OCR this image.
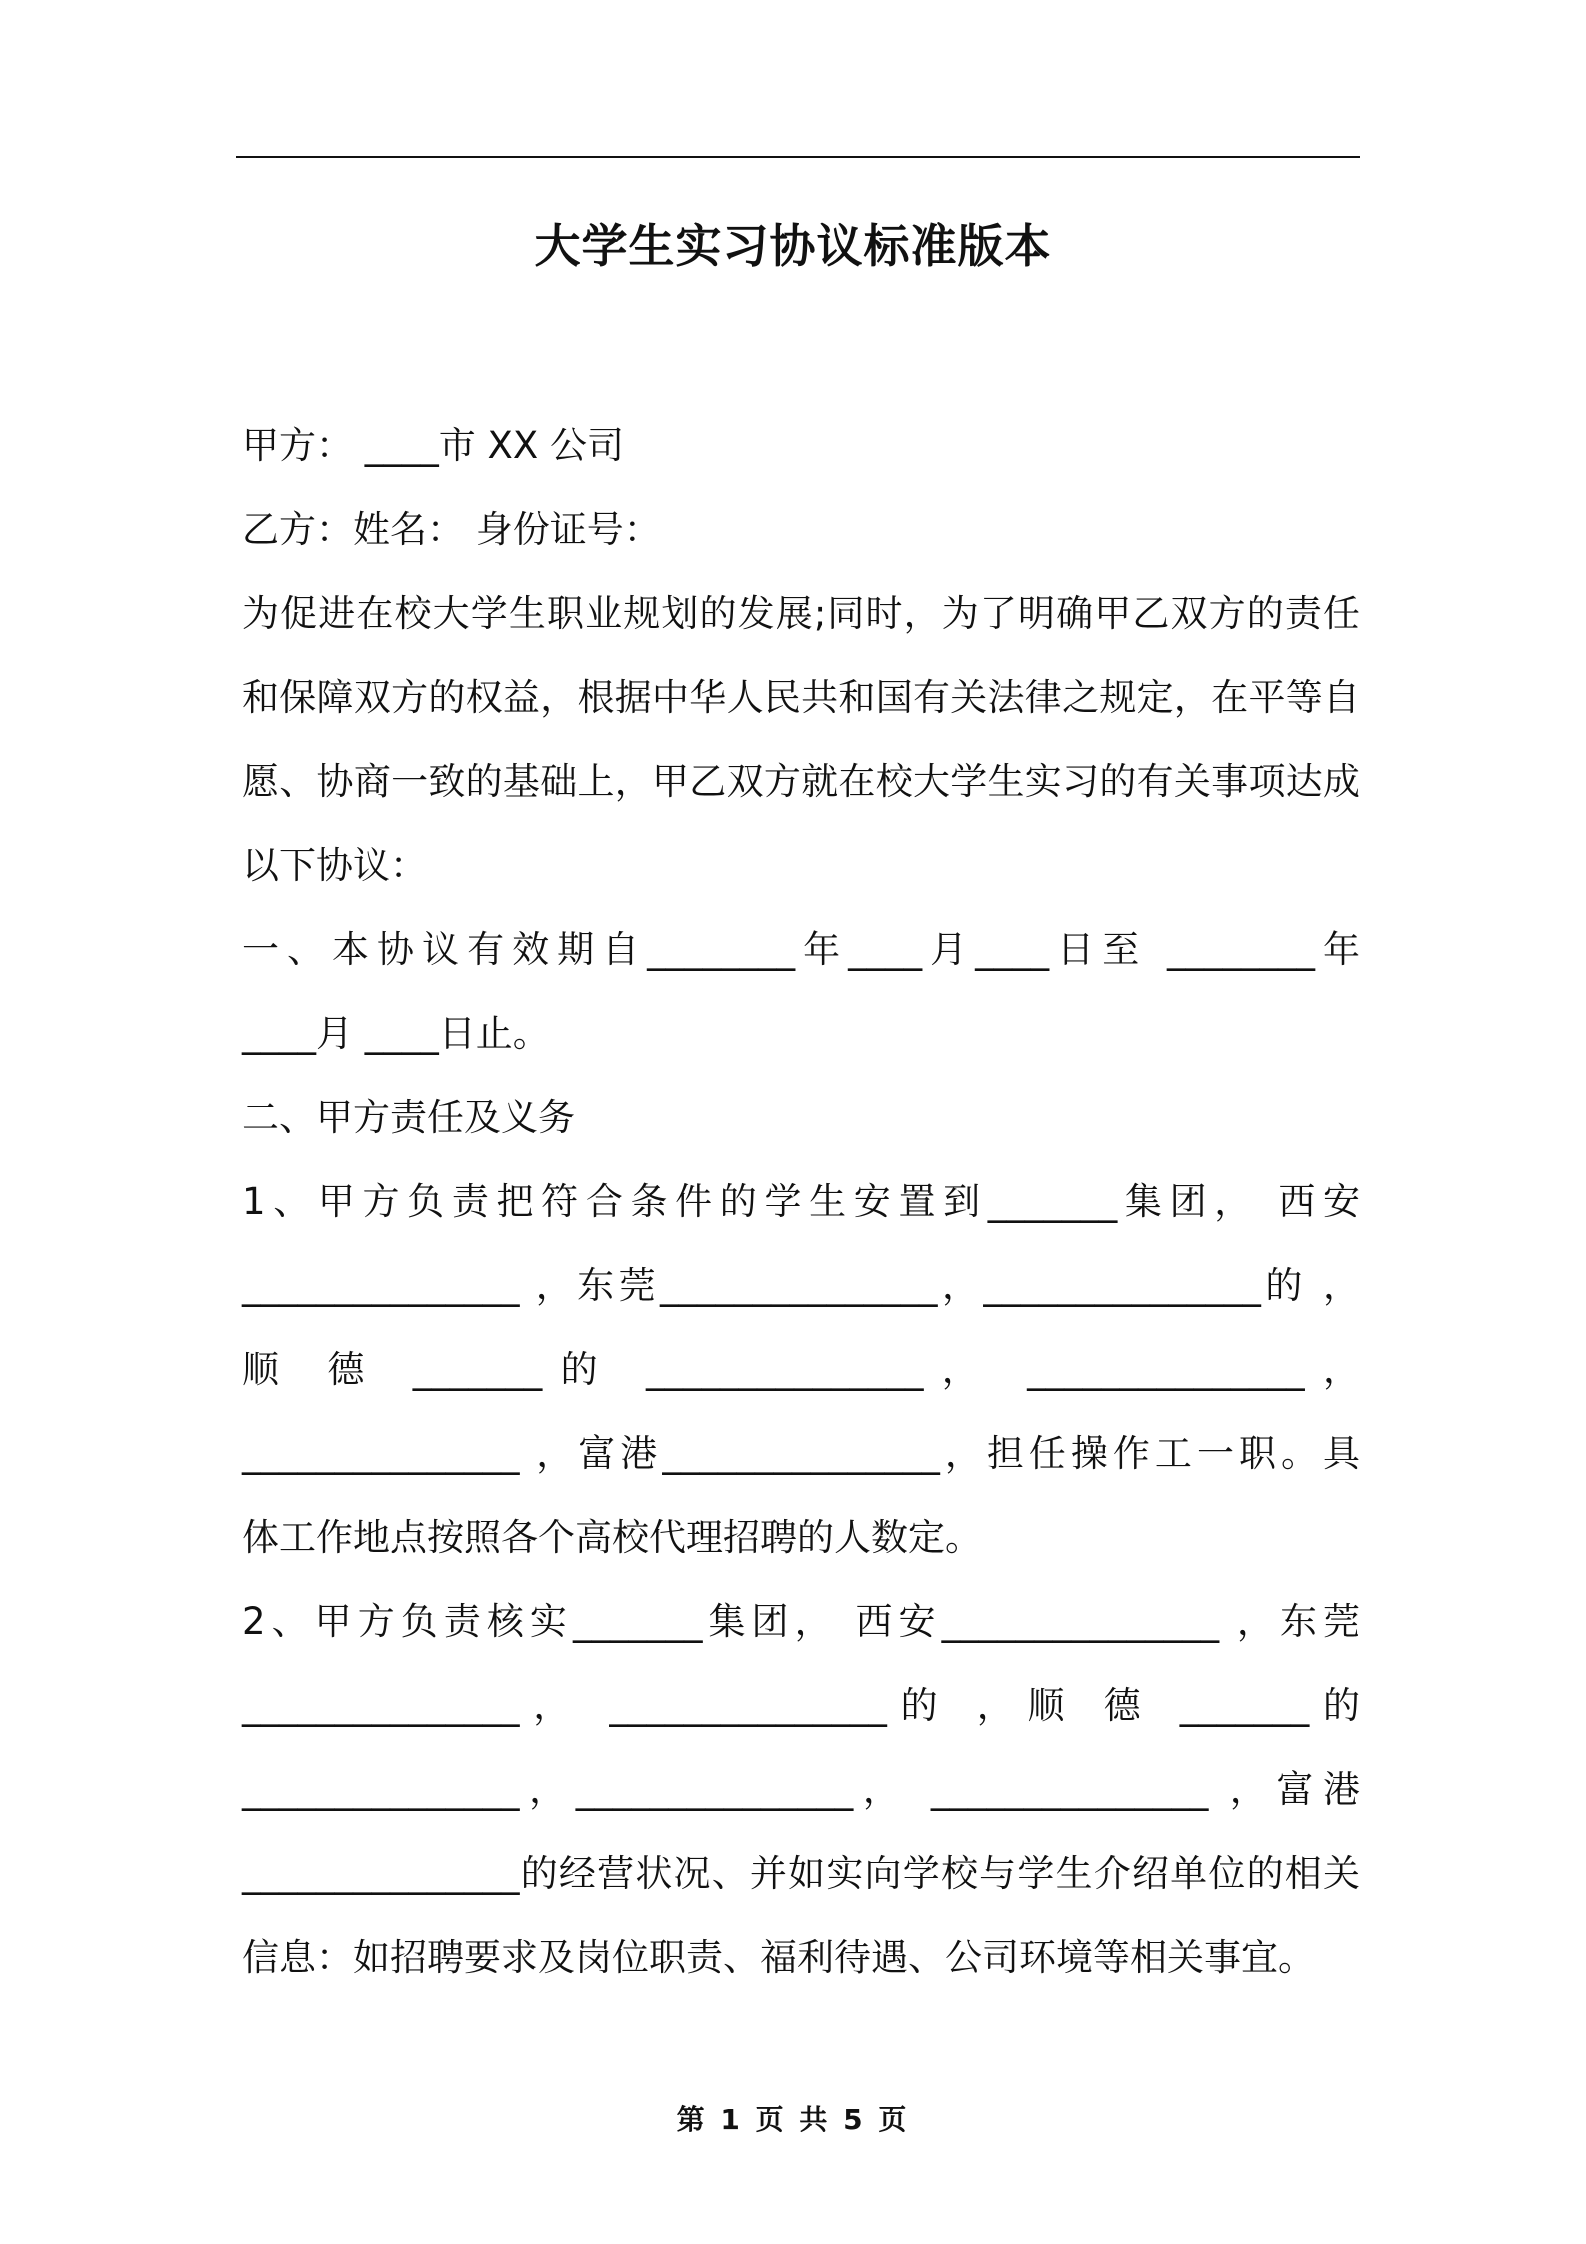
大学生实习协议标准版本
甲方： ____市 XX 公司
乙方：姓名： 身份证号：
为促进在校大学生职业规划的发展;同时，为了明确甲乙双方的责任
和保障双方的权益，根据中华人民共和国有关法律之规定，在平等自
愿、协商一致的基础上，甲乙双方就在校大学生实习的有关事项达成
以下协议：
一、本协议有效期自________年____月____日至 ________年
____月 ____日止。
二、甲方责任及义务
1、甲方负责把符合条件的学生安置到_______集团， 西安
_______________ ，东莞_______________，_______________的 ，
顺 德 _______的 _______________， _______________，
_______________ ，富港_______________，担任操作工一职。具
体工作地点按照各个高校代理招聘的人数定。
2、甲方负责核实_______集团， 西安_______________ ，东莞
_______________， _______________的 ，顺 德 _______的
_______________，_______________， _______________ ，富港
_______________的经营状况、并如实向学校与学生介绍单位的相关
信息：如招聘要求及岗位职责、福利待遇、公司环境等相关事宜。
第 1 页 共 5 页
